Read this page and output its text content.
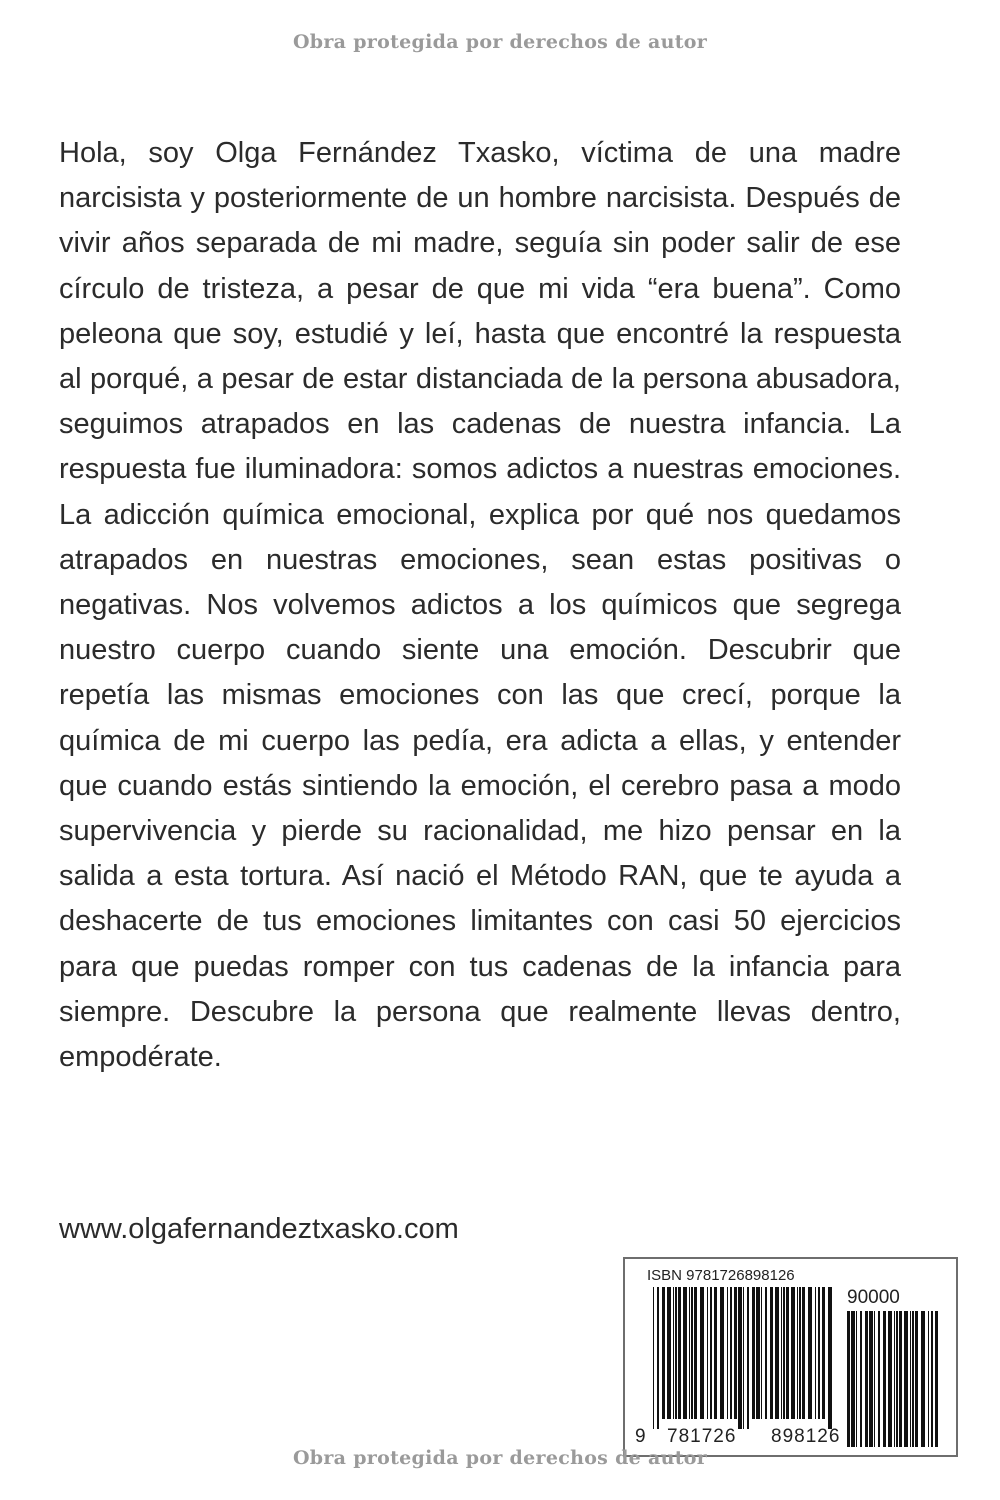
Obra protegida por derechos de autor

Hola, soy Olga Fernández Txasko, víctima de una madre narcisista y posteriormente de un hombre narcisista. Después de vivir años separada de mi madre, seguía sin poder salir de ese círculo de tristeza, a pesar de que mi vida “era buena”. Como peleona que soy, estudié y leí, hasta que encontré la respuesta al porqué, a pesar de estar distanciada de la persona abusadora, seguimos atrapados en las cadenas de nuestra infancia. La respuesta fue iluminadora: somos adictos a nuestras emociones. La adicción química emocional, explica por qué nos quedamos atrapados en nuestras emociones, sean estas positivas o negativas. Nos volvemos adictos a los químicos que segrega nuestro cuerpo cuando siente una emoción. Descubrir que repetía las mismas emociones con las que crecí, porque la química de mi cuerpo las pedía, era adicta a ellas, y entender que cuando estás sintiendo la emoción, el cerebro pasa a modo supervivencia y pierde su racionalidad, me hizo pensar en la salida a esta tortura. Así nació el Método RAN, que te ayuda a deshacerte de tus emociones limitantes con casi 50 ejercicios para que puedas romper con tus cadenas de la infancia para siempre. Descubre la persona que realmente llevas dentro, empodérate.

www.olgafernandeztxasko.com
ISBN 9781726898126
90000
9 781726 898126
Obra protegida por derechos de autor
